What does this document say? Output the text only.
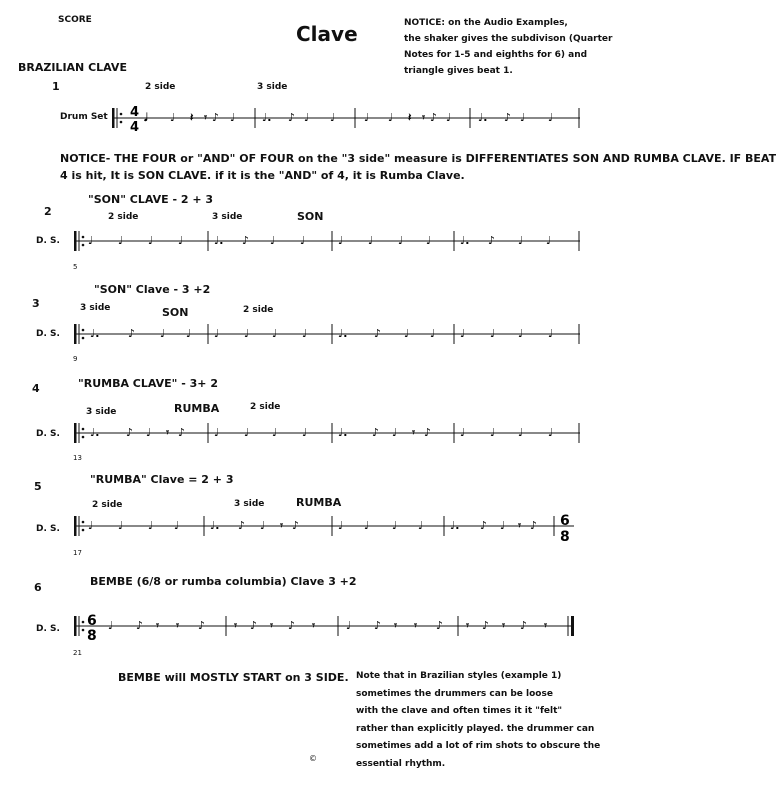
SCORE
Clave	NOTICE: on the Audio Examples,
the shaker gives the subdivison (Quarter
Notes for 1-5 and eighths for 6) and
triangle gives beat 1.
BRAZILIAN CLAVE
1
Drum Set
2 side	3 side
4
4
𝅘𝅥 ♩ 𝄽 𝄾 ♪ ♩ ♩. ♪ ♩ ♩	♩ ♩ 𝄽 𝄾 ♪ ♩ ♩. ♪ ♩ ♩
NOTICE- THE FOUR or "AND" OF FOUR on the "3 side" measure is DIFFERENTIATES SON AND RUMBA CLAVE. IF BEAT
4 is hit, It is SON CLAVE. if it is the "AND" of 4, it is Rumba Clave.
"SON" CLAVE - 2 + 3
2	2 side	3 side	SON
D. S.
5
♩ ♩ ♩ ♩	♩. ♪ ♩ ♩	♩ ♩ ♩ ♩	♩. ♪ ♩ ♩
"SON" Clave - 3 +2
3	3 side	SON	2 side
D. S.
9
♩.	♪ ♩ ♩ ♩ ♩ ♩ ♩	♩. ♪ ♩ ♩ ♩ ♩ ♩ ♩
"RUMBA CLAVE" - 3+ 2
4
3 side	RUMBA	2 side
D. S.
13
♩. ♪ ♩ 𝄾 ♪	♩ ♩ ♩ ♩	♩. ♪ ♩ 𝄾 ♪	♩ ♩ ♩ ♩
"RUMBA" Clave = 2 + 3
5
2 side	3 side	RUMBA
D. S.
17
6
8
♩ ♩ ♩ ♩	♩. ♪ ♩ 𝄾 ♪	♩ ♩ ♩ ♩ ♩. ♪ ♩ 𝄾 ♪
BEMBE (6/8 or rumba columbia) Clave 3 +2
6
D. S.
21
6
8
♩ ♪ 𝄾 𝄾 ♪	𝄾 ♪ 𝄾 ♪ 𝄾	♩ ♪ 𝄾 𝄾 ♪ 𝄾 ♪ 𝄾 ♪ 𝄾
BEMBE will MOSTLY START on 3 SIDE. Note that in Brazilian styles (example 1)
sometimes the drummers can be loose
with the clave and often times it it "felt"
rather than explicitly played. the drummer can
sometimes add a lot of rim shots to obscure the
essential rhythm.
©
